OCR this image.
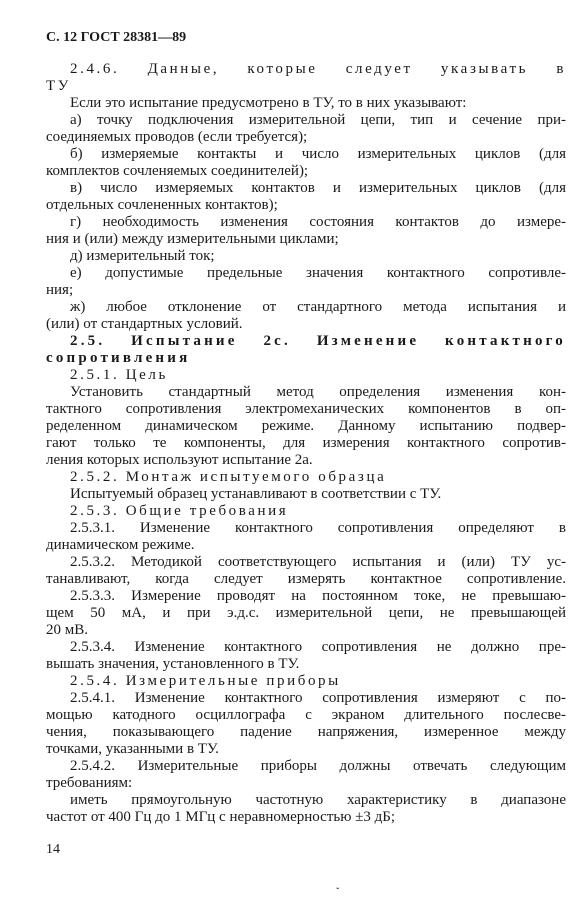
С. 12 ГОСТ 28381—89
2.4.6. Данные, которые следует указывать в
ТУ
Если это испытание предусмотрено в ТУ, то в них указывают:
а) точку подключения измерительной цепи, тип и сечение при-
соединяемых проводов (если требуется);
б) измеряемые контакты и число измерительных циклов (для
комплектов сочленяемых соединителей);
в) число измеряемых контактов и измерительных циклов (для
отдельных сочлененных контактов);
г) необходимость изменения состояния контактов до измере-
ния и (или) между измерительными циклами;
д) измерительный ток;
е) допустимые предельные значения контактного сопротивле-
ния;
ж) любое отклонение от стандартного метода испытания и
(или) от стандартных условий.
2.5. Испытание 2с. Изменение контактного
сопротивления
2.5.1. Цель
Установить стандартный метод определения изменения кон-
тактного сопротивления электромеханических компонентов в оп-
ределенном динамическом режиме. Данному испытанию подвер-
гают только те компоненты, для измерения контактного сопротив-
ления которых используют испытание 2а.
2.5.2. Монтаж испытуемого образца
Испытуемый образец устанавливают в соответствии с ТУ.
2.5.3. Общие требования
2.5.3.1. Изменение контактного сопротивления определяют в
динамическом режиме.
2.5.3.2. Методикой соответствующего испытания и (или) ТУ ус-
танавливают, когда следует измерять контактное сопротивление.
2.5.3.3. Измерение проводят на постоянном токе, не превышаю-
щем 50 мА, и при э.д.с. измерительной цепи, не превышающей
20 мВ.
2.5.3.4. Изменение контактного сопротивления не должно пре-
вышать значения, установленного в ТУ.
2.5.4. Измерительные приборы
2.5.4.1. Изменение контактного сопротивления измеряют с по-
мощью катодного осциллографа с экраном длительного послесве-
чения, показывающего падение напряжения, измеренное между
точками, указанными в ТУ.
2.5.4.2. Измерительные приборы должны отвечать следующим
требованиям:
иметь прямоугольную частотную характеристику в диапазоне
частот от 400 Гц до 1 МГц с неравномерностью ±3 дБ;
14
ˇ
